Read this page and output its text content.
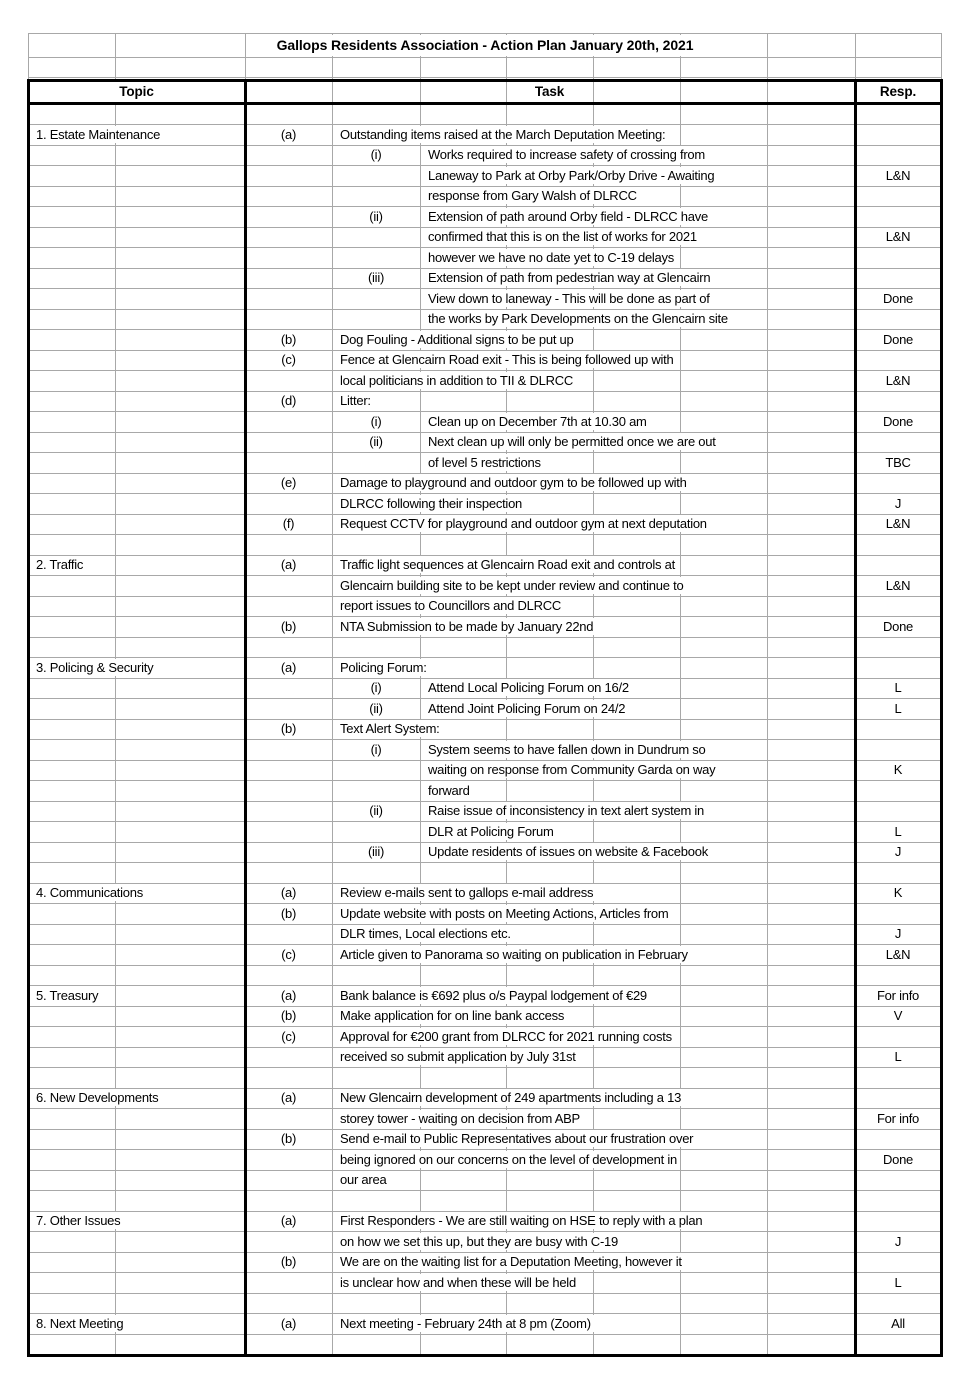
Gallops Residents Association - Action Plan January 20th, 2021
Topic	Task	Resp.
1. Estate Maintenance	(a)	Outstanding items raised at the March Deputation Meeting:
(i)	Works required to increase safety of crossing from
Laneway to Park at Orby Park/Orby Drive - Awaiting	L&N
response from Gary Walsh of DLRCC
(ii)	Extension of path around Orby field - DLRCC have
confirmed that this is on the list of works for 2021	L&N
however we have no date yet to C-19 delays
(iii)	Extension of path from pedestrian way at Glencairn
View down to laneway - This will be done as part of	Done
the works by Park Developments on the Glencairn site
(b)	Dog Fouling - Additional signs to be put up	Done
(c)	Fence at Glencairn Road exit - This is being followed up with
local politicians in addition to TII & DLRCC	L&N
(d)	Litter:
(i)	Clean up on December 7th at 10.30 am	Done
(ii)	Next clean up will only be permitted once we are out
of level 5 restrictions	TBC
(e)	Damage to playground and outdoor gym to be followed up with
DLRCC following their inspection	J
(f)	Request CCTV for playground and outdoor gym at next deputation	L&N
2. Traffic	(a)	Traffic light sequences at Glencairn Road exit and controls at
Glencairn building site to be kept under review and continue to	L&N
report issues to Councillors and DLRCC
(b)	NTA Submission to be made by January 22nd	Done
3. Policing & Security	(a)	Policing Forum:
(i)	Attend Local Policing Forum on 16/2	L
(ii)	Attend Joint Policing Forum on 24/2	L
(b)	Text Alert System:
(i)	System seems to have fallen down in Dundrum so
waiting on response from Community Garda on way	K
forward
(ii)	Raise issue of inconsistency in text alert system in
DLR at Policing Forum	L
(iii)	Update residents of issues on website & Facebook	J
4. Communications	(a)	Review e-mails sent to gallops e-mail address	K
(b)	Update website with posts on Meeting Actions, Articles from
DLR times, Local elections etc.	J
(c)	Article given to Panorama so waiting on publication in February	L&N
5. Treasury	(a)	Bank balance is €692 plus o/s Paypal lodgement of €29	For info
(b)	Make application for on line bank access	V
(c)	Approval for €200 grant from DLRCC for 2021 running costs
received so submit application by July 31st	L
6. New Developments	(a)	New Glencairn development of 249 apartments including a 13
storey tower - waiting on decision from ABP	For info
(b)	Send e-mail to Public Representatives about our frustration over
being ignored on our concerns on the level of development in	Done
our area
7. Other Issues	(a)	First Responders - We are still waiting on HSE to reply with a plan
on how we set this up, but they are busy with C-19	J
(b)	We are on the waiting list for a Deputation Meeting, however it
is unclear how and when these will be held	L
8. Next Meeting	(a)	Next meeting - February 24th at 8 pm (Zoom)	All
